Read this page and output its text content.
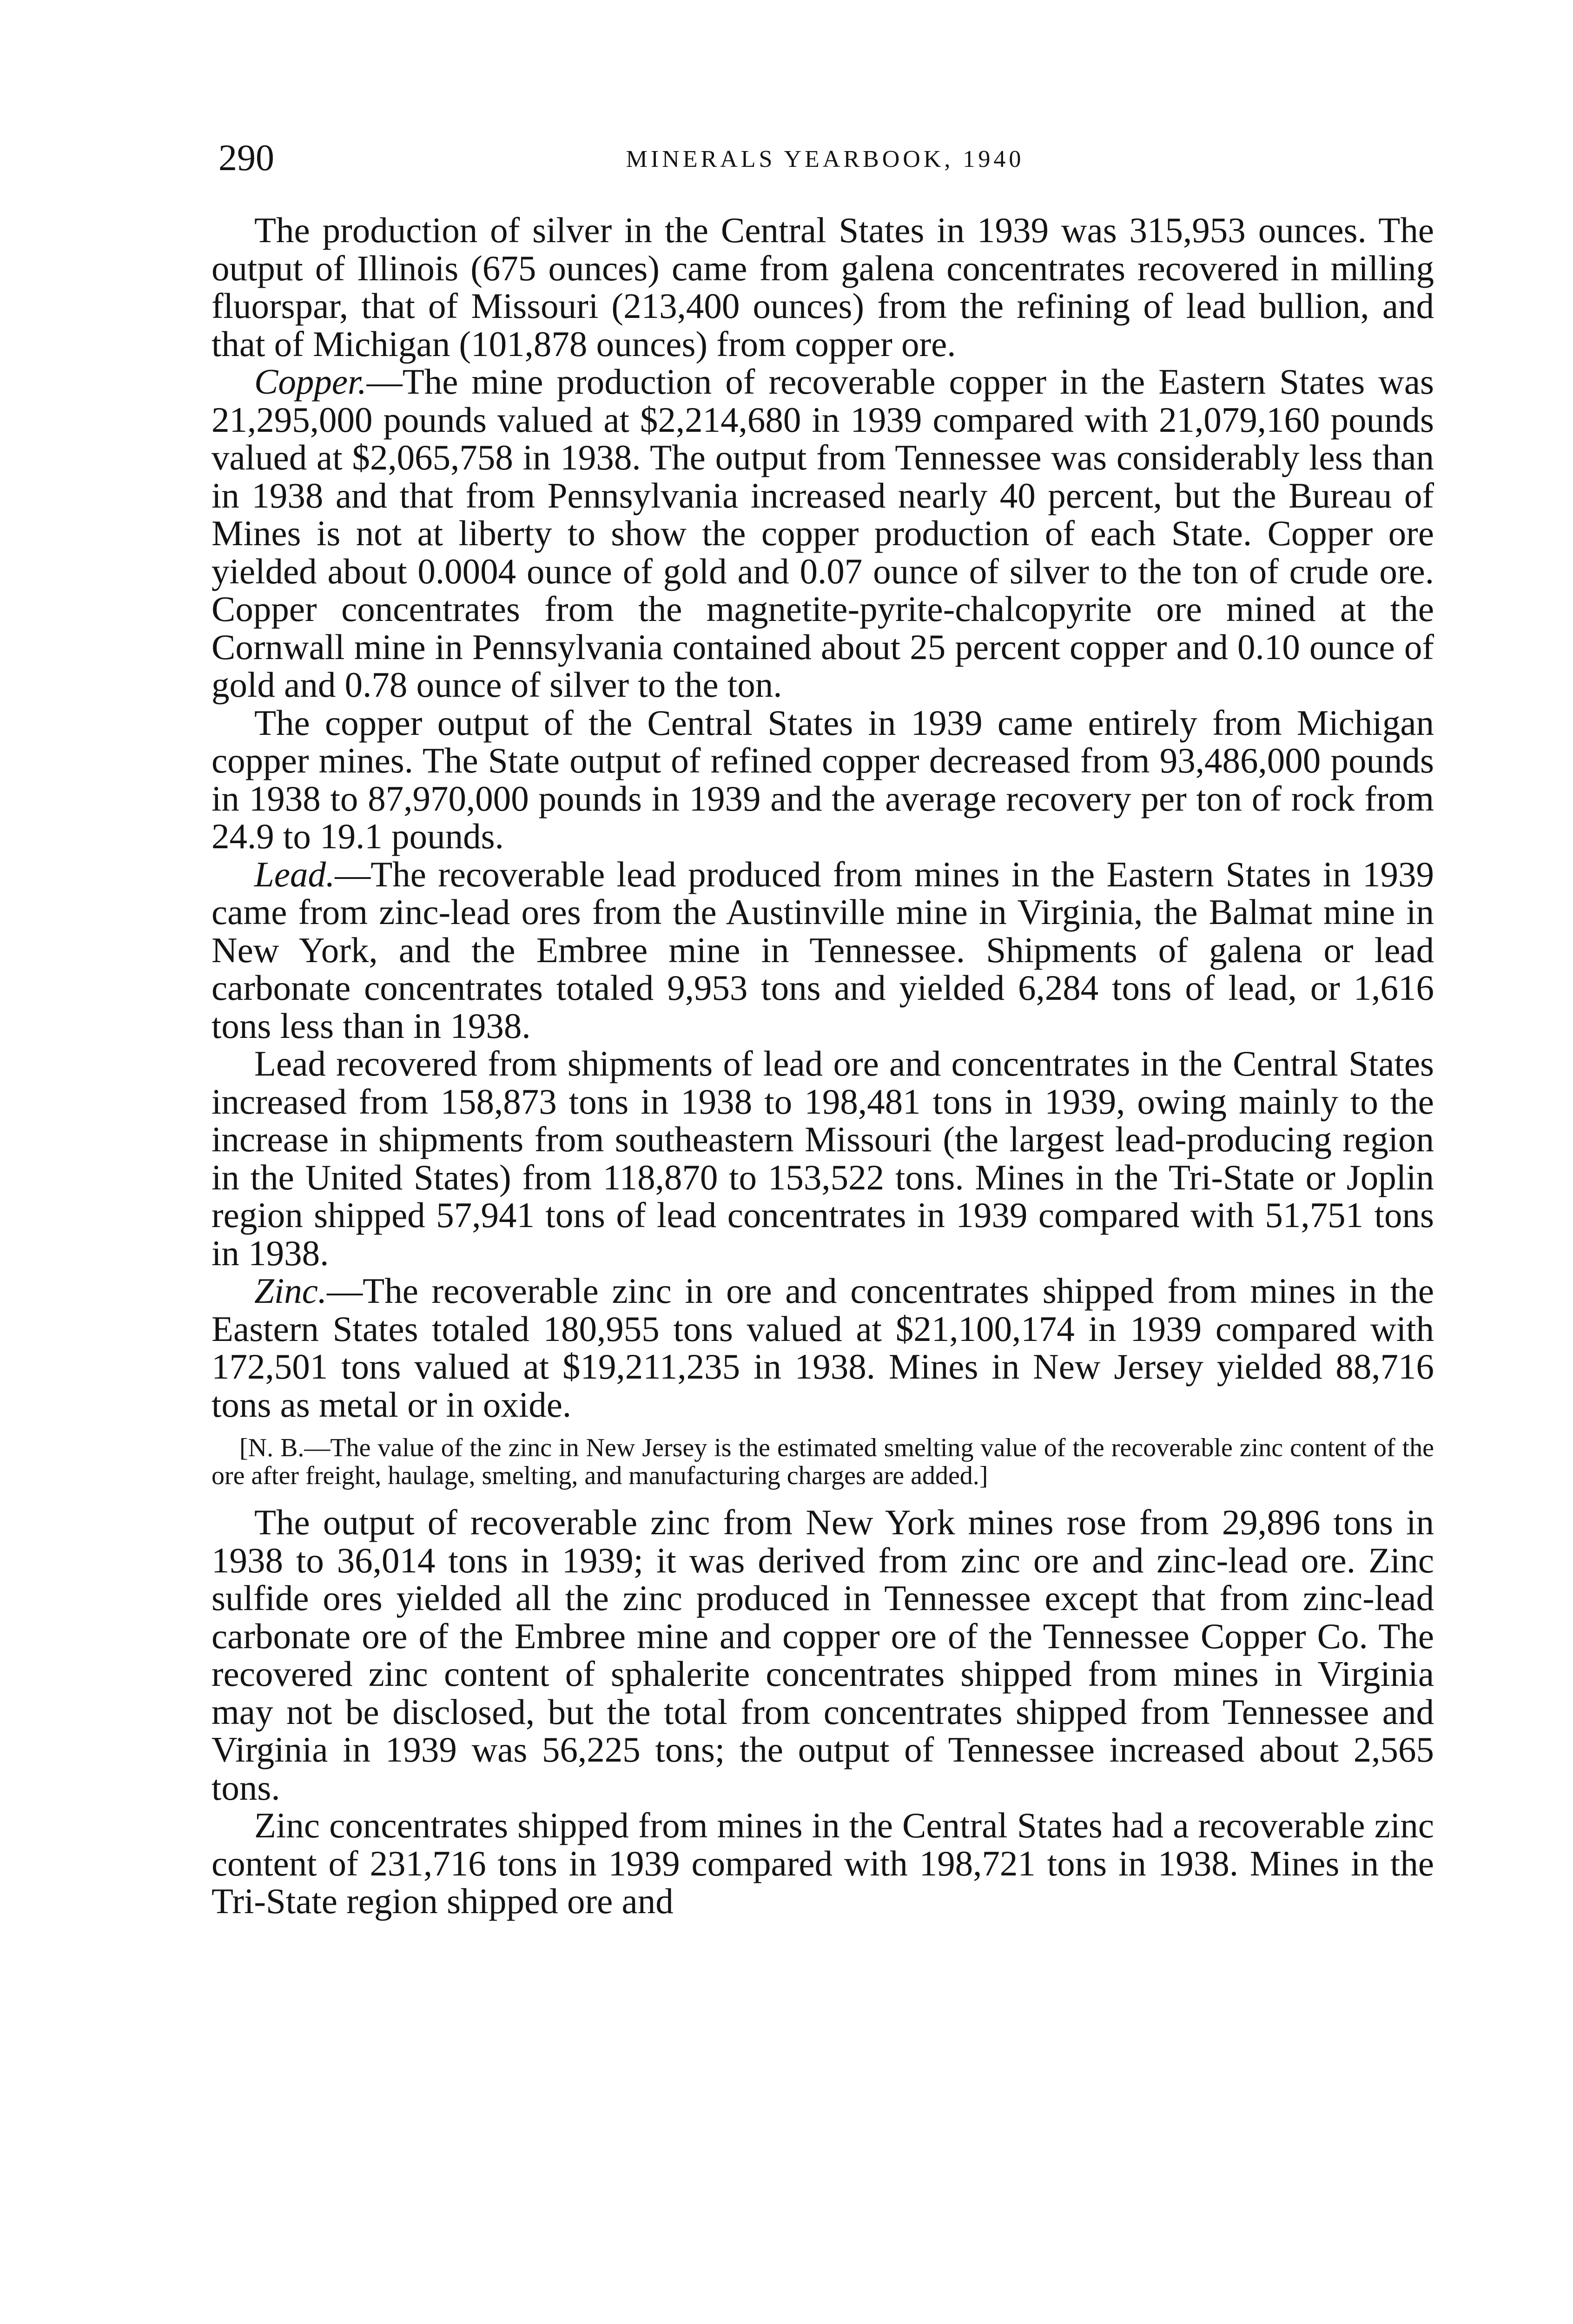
290	MINERALS YEARBOOK, 1940

The production of silver in the Central States in 1939 was 315,953 ounces. The output of Illinois (675 ounces) came from galena concentrates recovered in milling fluorspar, that of Missouri (213,400 ounces) from the refining of lead bullion, and that of Michigan (101,878 ounces) from copper ore.

Copper.—The mine production of recoverable copper in the Eastern States was 21,295,000 pounds valued at $2,214,680 in 1939 compared with 21,079,160 pounds valued at $2,065,758 in 1938. The output from Tennessee was considerably less than in 1938 and that from Pennsylvania increased nearly 40 percent, but the Bureau of Mines is not at liberty to show the copper production of each State. Copper ore yielded about 0.0004 ounce of gold and 0.07 ounce of silver to the ton of crude ore. Copper concentrates from the magnetite-pyrite-chalcopyrite ore mined at the Cornwall mine in Pennsylvania contained about 25 percent copper and 0.10 ounce of gold and 0.78 ounce of silver to the ton.

The copper output of the Central States in 1939 came entirely from Michigan copper mines. The State output of refined copper decreased from 93,486,000 pounds in 1938 to 87,970,000 pounds in 1939 and the average recovery per ton of rock from 24.9 to 19.1 pounds.

Lead.—The recoverable lead produced from mines in the Eastern States in 1939 came from zinc-lead ores from the Austinville mine in Virginia, the Balmat mine in New York, and the Embree mine in Tennessee. Shipments of galena or lead carbonate concentrates totaled 9,953 tons and yielded 6,284 tons of lead, or 1,616 tons less than in 1938.

Lead recovered from shipments of lead ore and concentrates in the Central States increased from 158,873 tons in 1938 to 198,481 tons in 1939, owing mainly to the increase in shipments from southeastern Missouri (the largest lead-producing region in the United States) from 118,870 to 153,522 tons. Mines in the Tri-State or Joplin region shipped 57,941 tons of lead concentrates in 1939 compared with 51,751 tons in 1938.

Zinc.—The recoverable zinc in ore and concentrates shipped from mines in the Eastern States totaled 180,955 tons valued at $21,100,174 in 1939 compared with 172,501 tons valued at $19,211,235 in 1938. Mines in New Jersey yielded 88,716 tons as metal or in oxide.

[N. B.—The value of the zinc in New Jersey is the estimated smelting value of the recoverable zinc content of the ore after freight, haulage, smelting, and manufacturing charges are added.]

The output of recoverable zinc from New York mines rose from 29,896 tons in 1938 to 36,014 tons in 1939; it was derived from zinc ore and zinc-lead ore. Zinc sulfide ores yielded all the zinc produced in Tennessee except that from zinc-lead carbonate ore of the Embree mine and copper ore of the Tennessee Copper Co. The recovered zinc content of sphalerite concentrates shipped from mines in Virginia may not be disclosed, but the total from concentrates shipped from Tennessee and Virginia in 1939 was 56,225 tons; the output of Tennessee increased about 2,565 tons.

Zinc concentrates shipped from mines in the Central States had a recoverable zinc content of 231,716 tons in 1939 compared with 198,721 tons in 1938. Mines in the Tri-State region shipped ore and
